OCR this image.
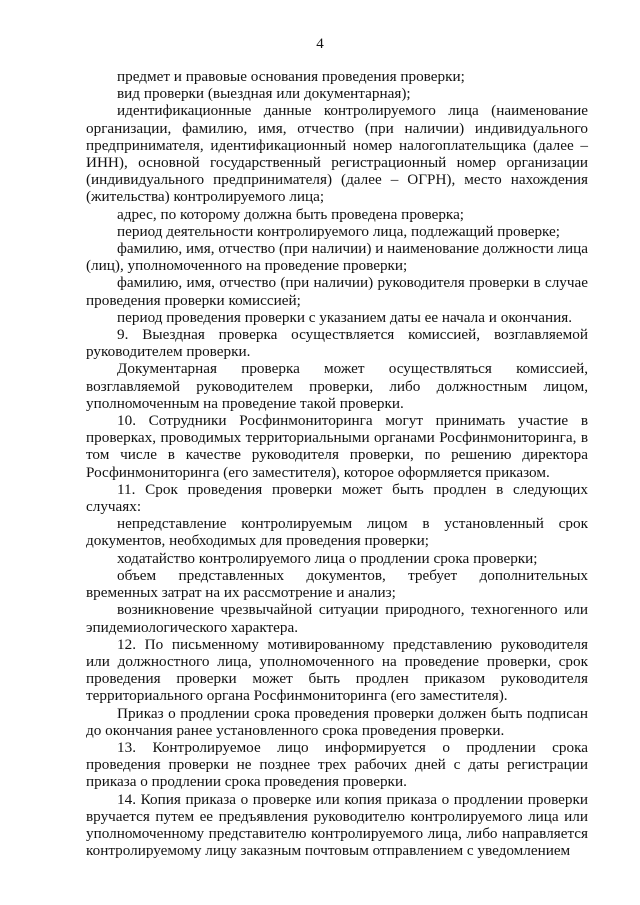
4

предмет и правовые основания проведения проверки;

вид проверки (выездная или документарная);

идентификационные данные контролируемого лица (наименование организации, фамилию, имя, отчество (при наличии) индивидуального предпринимателя, идентификационный номер налогоплательщика (далее – ИНН), основной государственный регистрационный номер организации (индивидуального предпринимателя) (далее – ОГРН), место нахождения (жительства) контролируемого лица;

адрес, по которому должна быть проведена проверка;

период деятельности контролируемого лица, подлежащий проверке;

фамилию, имя, отчество (при наличии) и наименование должности лица (лиц), уполномоченного на проведение проверки;

фамилию, имя, отчество (при наличии) руководителя проверки в случае проведения проверки комиссией;

период проведения проверки с указанием даты ее начала и окончания.

9. Выездная проверка осуществляется комиссией, возглавляемой руководителем проверки.

Документарная проверка может осуществляться комиссией, возглавляемой руководителем проверки, либо должностным лицом, уполномоченным на проведение такой проверки.

10. Сотрудники Росфинмониторинга могут принимать участие в проверках, проводимых территориальными органами Росфинмониторинга, в том числе в качестве руководителя проверки, по решению директора Росфинмониторинга (его заместителя), которое оформляется приказом.

11. Срок проведения проверки может быть продлен в следующих случаях:

непредставление контролируемым лицом в установленный срок документов, необходимых для проведения проверки;

ходатайство контролируемого лица о продлении срока проверки;

объем представленных документов, требует дополнительных временных затрат на их рассмотрение и анализ;

возникновение чрезвычайной ситуации природного, техногенного или эпидемиологического характера.

12. По письменному мотивированному представлению руководителя или должностного лица, уполномоченного на проведение проверки, срок проведения проверки может быть продлен приказом руководителя территориального органа Росфинмониторинга (его заместителя).

Приказ о продлении срока проведения проверки должен быть подписан до окончания ранее установленного срока проведения проверки.

13. Контролируемое лицо информируется о продлении срока проведения проверки не позднее трех рабочих дней с даты регистрации приказа о продлении срока проведения проверки.

14. Копия приказа о проверке или копия приказа о продлении проверки вручается путем ее предъявления руководителю контролируемого лица или уполномоченному представителю контролируемого лица, либо направляется контролируемому лицу заказным почтовым отправлением с уведомлением
